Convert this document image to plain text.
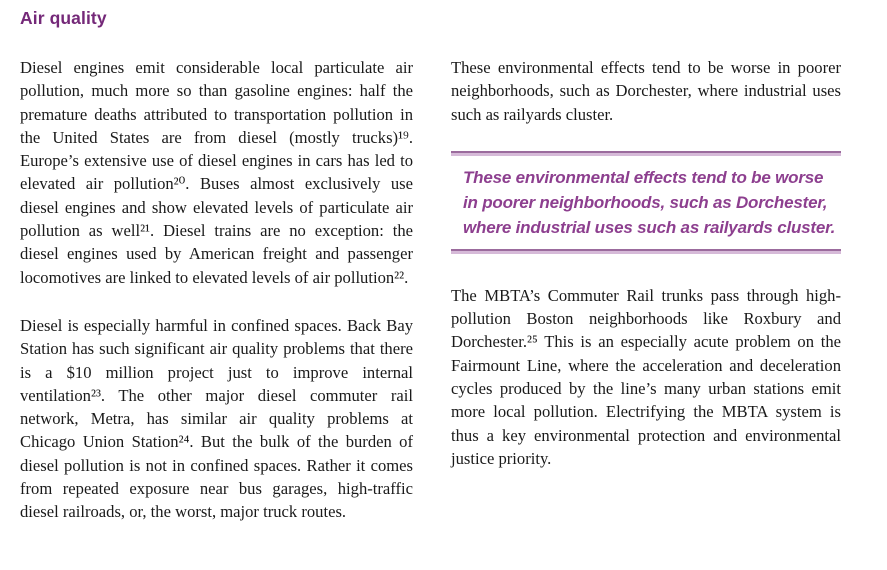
Air quality

Diesel engines emit considerable local particulate air pollution, much more so than gasoline engines: half the premature deaths attributed to transportation pollution in the United States are from diesel (mostly trucks)¹⁹. Europe’s extensive use of diesel engines in cars has led to elevated air pollution²⁰. Buses almost exclusively use diesel engines and show elevated levels of particulate air pollution as well²¹. Diesel trains are no exception: the diesel engines used by American freight and passenger locomotives are linked to elevated levels of air pollution²².

Diesel is especially harmful in confined spaces. Back Bay Station has such significant air quality problems that there is a $10 million project just to improve internal ventilation²³. The other major diesel commuter rail network, Metra, has similar air quality problems at Chicago Union Station²⁴. But the bulk of the burden of diesel pollution is not in confined spaces. Rather it comes from repeated exposure near bus garages, high-traffic diesel railroads, or, the worst, major truck routes.

These environmental effects tend to be worse in poorer neighborhoods, such as Dorchester, where industrial uses such as railyards cluster.

These environmental effects tend to be worse in poorer neighborhoods, such as Dorchester, where industrial uses such as railyards cluster.

The MBTA’s Commuter Rail trunks pass through high-pollution Boston neighborhoods like Roxbury and Dorchester.²⁵ This is an especially acute problem on the Fairmount Line, where the acceleration and deceleration cycles produced by the line’s many urban stations emit more local pollution. Electrifying the MBTA system is thus a key environmental protection and environmental justice priority.
